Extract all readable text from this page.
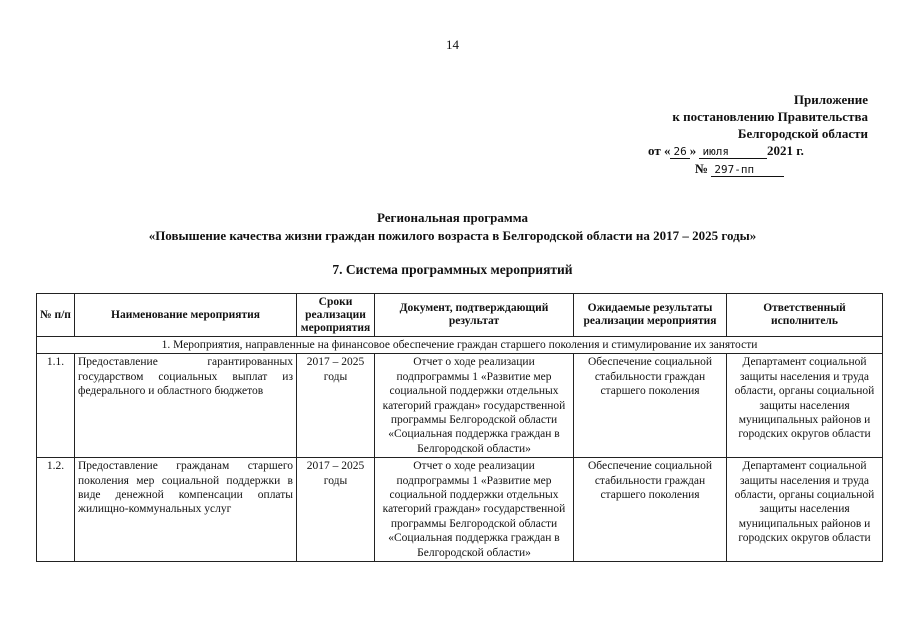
14
Приложение
к постановлению Правительства
Белгородской области
от « 26 » июля	2021 г.
№ 297-пп
Региональная программа
«Повышение качества жизни граждан пожилого возраста в Белгородской области на 2017 – 2025 годы»
7. Система программных мероприятий
№ п/п	Наименование мероприятия	Сроки реализации мероприятия	Документ, подтверждающий результат	Ожидаемые результаты реализации мероприятия	Ответственный исполнитель
1. Мероприятия, направленные на финансовое обеспечение граждан старшего поколения и стимулирование их занятости					
1.1.	Предоставление гарантированных государством социальных выплат из федерального и областного бюджетов	2017 – 2025 годы	Отчет о ходе реализации подпрограммы 1 «Развитие мер социальной поддержки отдельных категорий граждан» государственной программы Белгородской области «Социальная поддержка граждан в Белгородской области»	Обеспечение социальной стабильности граждан старшего поколения	Департамент социальной защиты населения и труда области, органы социальной защиты населения муниципальных районов и городских округов области
1.2.	Предоставление гражданам старшего поколения мер социальной поддержки в виде денежной компенсации оплаты жилищно-коммунальных услуг	2017 – 2025 годы	Отчет о ходе реализации подпрограммы 1 «Развитие мер социальной поддержки отдельных категорий граждан» государственной программы Белгородской области «Социальная поддержка граждан в Белгородской области»	Обеспечение социальной стабильности граждан старшего поколения	Департамент социальной защиты населения и труда области, органы социальной защиты населения муниципальных районов и городских округов области
